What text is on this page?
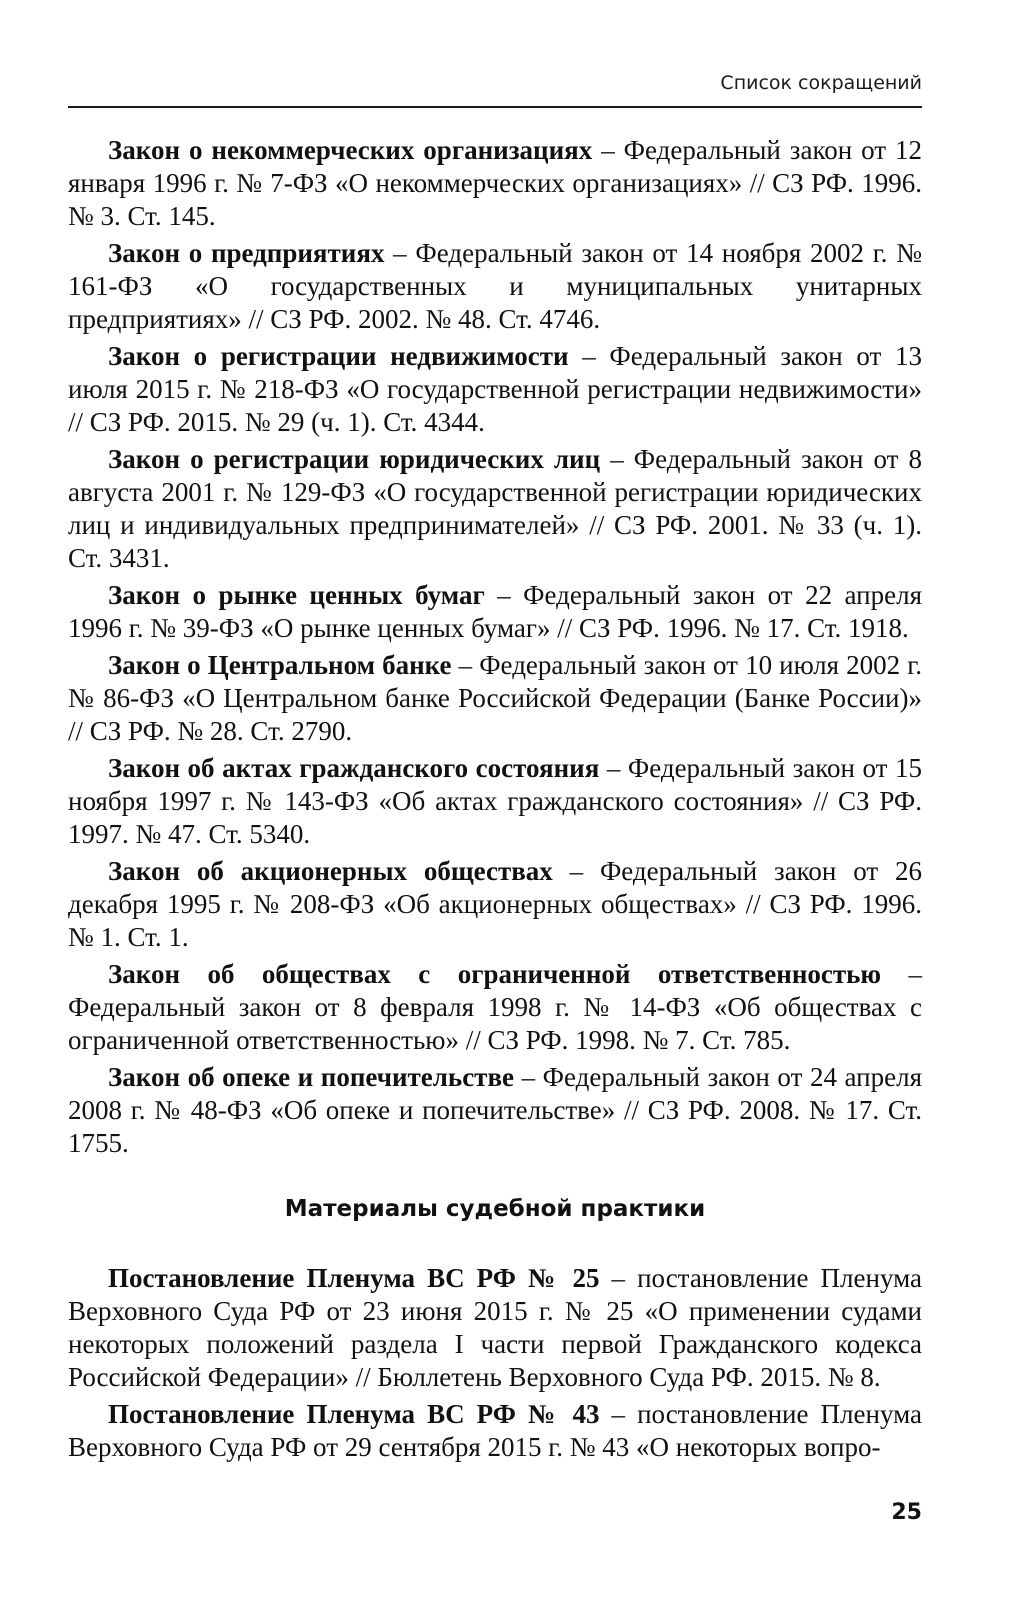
Список сокращений

Закон о некоммерческих организациях – Федеральный закон от 12 января 1996 г. № 7-ФЗ «О некоммерческих организациях» // СЗ РФ. 1996. № 3. Ст. 145.

Закон о предприятиях – Федеральный закон от 14 ноября 2002 г. № 161-ФЗ «О государственных и муниципальных унитарных предприятиях» // СЗ РФ. 2002. № 48. Ст. 4746.

Закон о регистрации недвижимости – Федеральный закон от 13 июля 2015 г. № 218-ФЗ «О государственной регистрации недвижимости» // СЗ РФ. 2015. № 29 (ч. 1). Ст. 4344.

Закон о регистрации юридических лиц – Федеральный закон от 8 августа 2001 г. № 129-ФЗ «О государственной регистрации юридических лиц и индивидуальных предпринимателей» // СЗ РФ. 2001. № 33 (ч. 1). Ст. 3431.

Закон о рынке ценных бумаг – Федеральный закон от 22 апреля 1996 г. № 39-ФЗ «О рынке ценных бумаг» // СЗ РФ. 1996. № 17. Ст. 1918.

Закон о Центральном банке – Федеральный закон от 10 июля 2002 г. № 86-ФЗ «О Центральном банке Российской Федерации (Банке России)» // СЗ РФ. № 28. Ст. 2790.

Закон об актах гражданского состояния – Федеральный закон от 15 ноября 1997 г. № 143-ФЗ «Об актах гражданского состояния» // СЗ РФ. 1997. № 47. Ст. 5340.

Закон об акционерных обществах – Федеральный закон от 26 декабря 1995 г. № 208-ФЗ «Об акционерных обществах» // СЗ РФ. 1996. № 1. Ст. 1.

Закон об обществах с ограниченной ответственностью – Федеральный закон от 8 февраля 1998 г. № 14-ФЗ «Об обществах с ограниченной ответственностью» // СЗ РФ. 1998. № 7. Ст. 785.

Закон об опеке и попечительстве – Федеральный закон от 24 апреля 2008 г. № 48-ФЗ «Об опеке и попечительстве» // СЗ РФ. 2008. № 17. Ст. 1755.

Материалы судебной практики

Постановление Пленума ВС РФ № 25 – постановление Пленума Верховного Суда РФ от 23 июня 2015 г. № 25 «О применении судами некоторых положений раздела I части первой Гражданского кодекса Российской Федерации» // Бюллетень Верховного Суда РФ. 2015. № 8.

Постановление Пленума ВС РФ № 43 – постановление Пленума Верховного Суда РФ от 29 сентября 2015 г. № 43 «О некоторых вопро-

25
